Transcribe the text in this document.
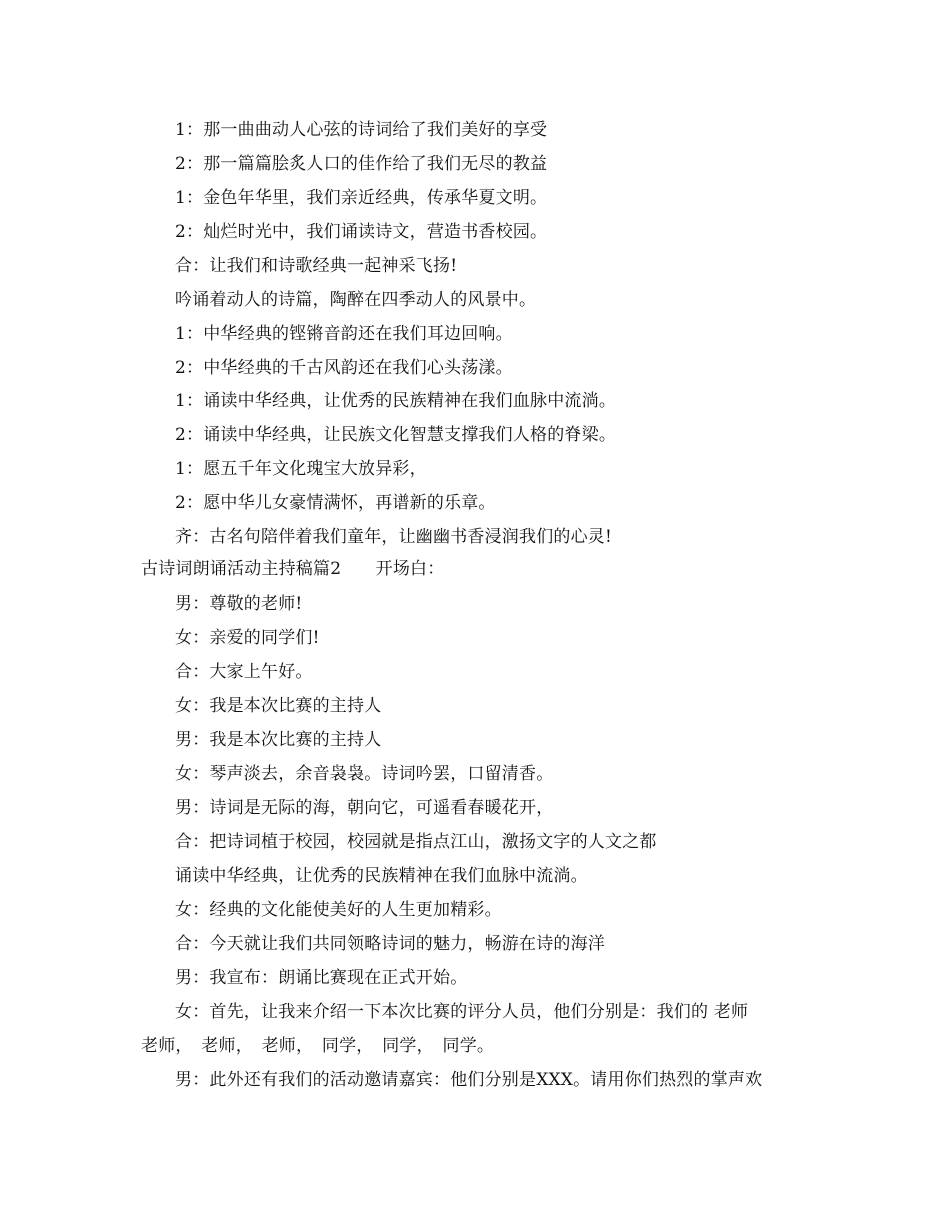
1：那一曲曲动人心弦的诗词给了我们美好的享受
2：那一篇篇脍炙人口的佳作给了我们无尽的教益
1：金色年华里，我们亲近经典，传承华夏文明。
2：灿烂时光中，我们诵读诗文，营造书香校园。
合：让我们和诗歌经典一起神采飞扬!
吟诵着动人的诗篇，陶醉在四季动人的风景中。
1：中华经典的铿锵音韵还在我们耳边回响。
2：中华经典的千古风韵还在我们心头荡漾。
1：诵读中华经典，让优秀的民族精神在我们血脉中流淌。
2：诵读中华经典，让民族文化智慧支撑我们人格的脊梁。
1：愿五千年文化瑰宝大放异彩，
2：愿中华儿女豪情满怀，再谱新的乐章。
齐：古名句陪伴着我们童年，让幽幽书香浸润我们的心灵!
古诗词朗诵活动主持稿篇2　　开场白：
男：尊敬的老师!
女：亲爱的同学们!
合：大家上午好。
女：我是本次比赛的主持人
男：我是本次比赛的主持人
女：琴声淡去，余音袅袅。诗词吟罢，口留清香。
男：诗词是无际的海，朝向它，可遥看春暖花开，
合：把诗词植于校园，校园就是指点江山，激扬文字的人文之都
诵读中华经典，让优秀的民族精神在我们血脉中流淌。
女：经典的文化能使美好的人生更加精彩。
合：今天就让我们共同领略诗词的魅力，畅游在诗的海洋
男：我宣布：朗诵比赛现在正式开始。
女：首先，让我来介绍一下本次比赛的评分人员，他们分别是：我们的 老师
老师，　老师，　老师，　同学，　同学，　同学。
男：此外还有我们的活动邀请嘉宾：他们分别是XXX。请用你们热烈的掌声欢
